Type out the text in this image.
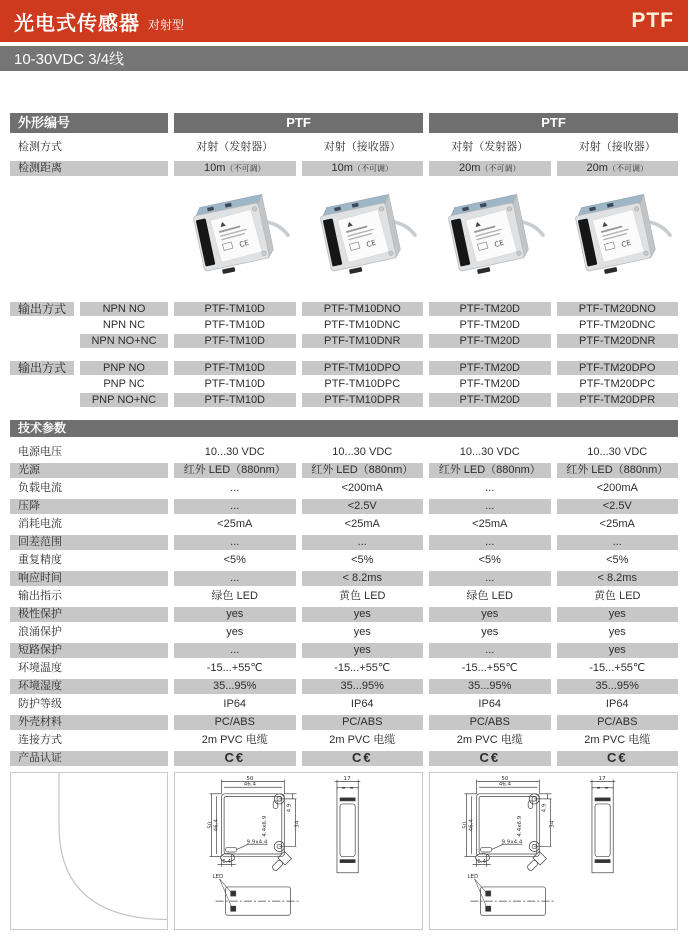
光电式传感器 对射型	PTF
10-30VDC 3/4线
外形编号	PTF	PTF
检测方式	对射（发射器）	对射（接收器）	对射（发射器）	对射（接收器）
检测距离	10m（不可调）	10m（不可调）	20m（不可调）	20m（不可调）
CE	CE	CE	CE
输出方式	NPN NO	PTF-TM10D	PTF-TM10DNO	PTF-TM20D	PTF-TM20DNO
NPN NC	PTF-TM10D	PTF-TM10DNC	PTF-TM20D	PTF-TM20DNC
NPN NO+NC	PTF-TM10D	PTF-TM10DNR	PTF-TM20D	PTF-TM20DNR
输出方式	PNP NO	PTF-TM10D	PTF-TM10DPO	PTF-TM20D	PTF-TM20DPO
PNP NC	PTF-TM10D	PTF-TM10DPC	PTF-TM20D	PTF-TM20DPC
PNP NO+NC	PTF-TM10D	PTF-TM10DPR	PTF-TM20D	PTF-TM20DPR
技术参数
电源电压	10...30 VDC	10...30 VDC	10...30 VDC	10...30 VDC
光源	红外 LED（880nm）	红外 LED（880nm）	红外 LED（880nm）	红外 LED（880nm）
负载电流	...	<200mA	...	<200mA
压降	...	<2.5V	...	<2.5V
消耗电流	<25mA	<25mA	<25mA	<25mA
回差范围	...	...	...	...
重复精度	<5%	<5%	<5%	<5%
响应时间	...	< 8.2ms	...	< 8.2ms
输出指示	绿色 LED	黄色 LED	绿色 LED	黄色 LED
极性保护	yes	yes	yes	yes
浪涌保护	yes	yes	yes	yes
短路保护	...	yes	...	yes
环境温度	-15...+55℃	-15...+55℃	-15...+55℃	-15...+55℃
环境湿度	35...95%	35...95%	35...95%	35...95%
防护等级	IP64	IP64	IP64	IP64
外壳材料	PC/ABS	PC/ABS	PC/ABS	PC/ABS
连接方式	2m PVC 电缆	2m PVC 电缆	2m PVC 电缆	2m PVC 电缆
产品认证	C€	C€	C€	C€
50
46.4
50 46.4	4.4x6.9
4.9
34
9.9x4.4
6.4
17
LED
50
46.4
50 46.4	4.4x6.9
4.9
34
9.9x4.4
6.4
17
LED
